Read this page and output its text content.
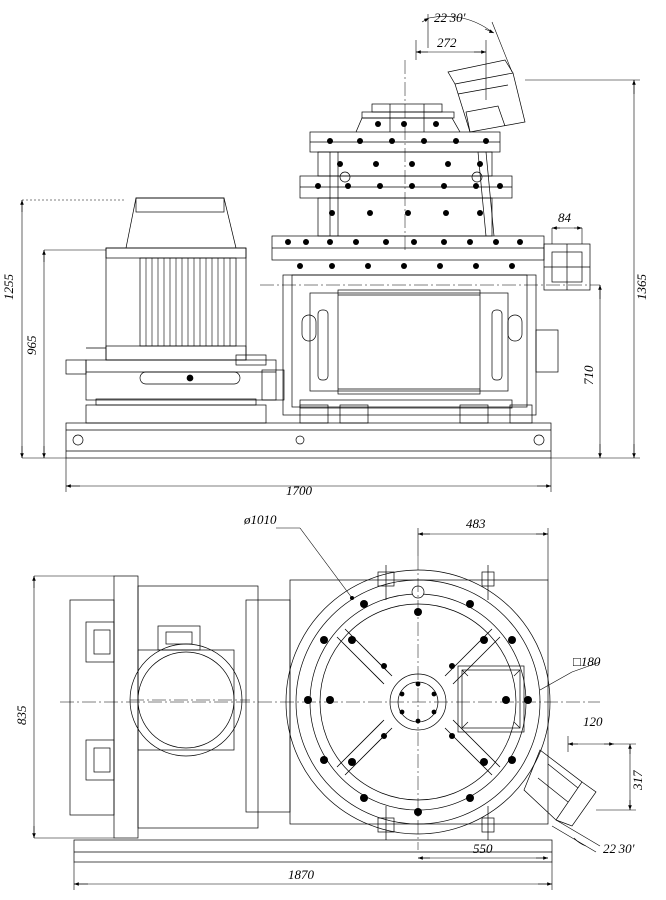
22 30'
272
1255
965
1365
710
84
1700
ø1010	483
□180
120
317
835
550
1870
22 30'
